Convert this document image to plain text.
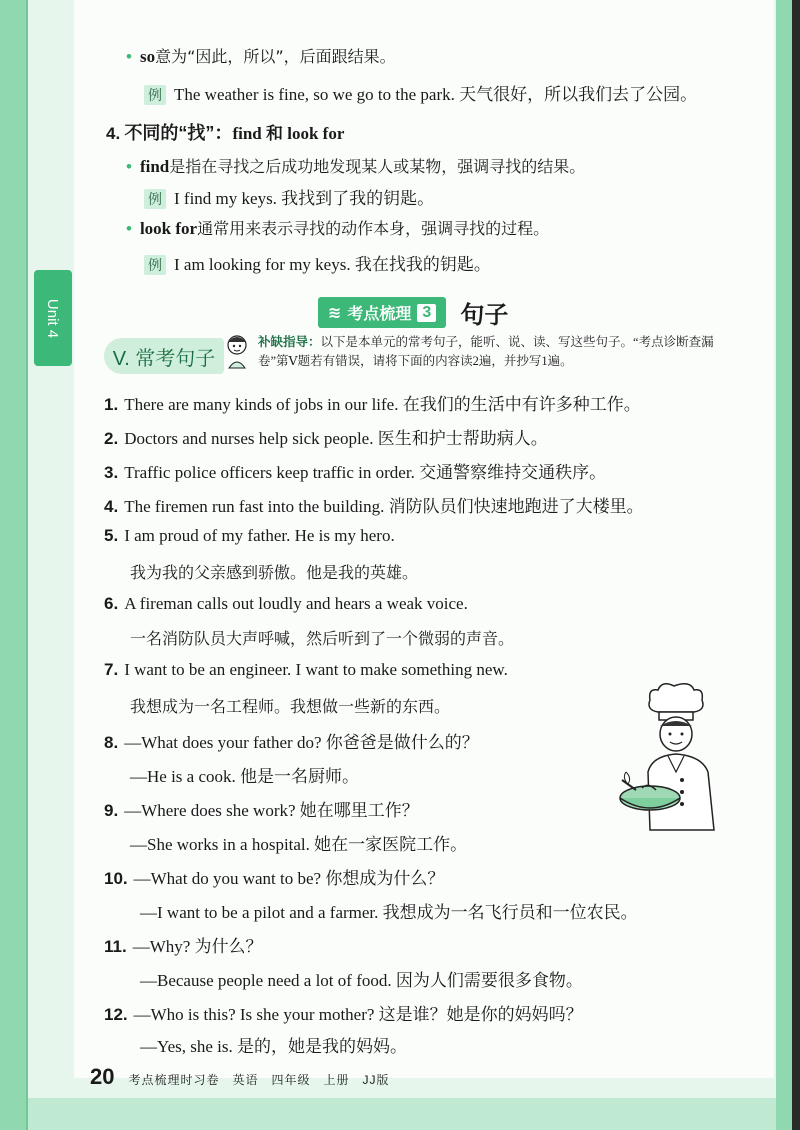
Unit 4
• so意为“因此，所以”，后面跟结果。
例 The weather is fine, so we go to the park. 天气很好，所以我们去了公园。
4. 不同的“找”：find 和 look for
• find是指在寻找之后成功地发现某人或某物，强调寻找的结果。
例 I find my keys. 我找到了我的钥匙。
• look for通常用来表示寻找的动作本身，强调寻找的过程。
例 I am looking for my keys. 我在找我的钥匙。
≋ 考点梳理 3 句子
V. 常考句子
补缺指导：以下是本单元的常考句子，能听、说、读、写这些句子。“考点诊断查漏卷”第Ⅴ题若有错误，请将下面的内容读2遍，并抄写1遍。
1. There are many kinds of jobs in our life. 在我们的生活中有许多种工作。
2. Doctors and nurses help sick people. 医生和护士帮助病人。
3. Traffic police officers keep traffic in order. 交通警察维持交通秩序。
4. The firemen run fast into the building. 消防队员们快速地跑进了大楼里。
5. I am proud of my father. He is my hero.
我为我的父亲感到骄傲。他是我的英雄。
6. A fireman calls out loudly and hears a weak voice.
一名消防队员大声呼喊，然后听到了一个微弱的声音。
7. I want to be an engineer. I want to make something new.
我想成为一名工程师。我想做一些新的东西。
8. —What does your father do? 你爸爸是做什么的？
—He is a cook. 他是一名厨师。
9. —Where does she work? 她在哪里工作？
—She works in a hospital. 她在一家医院工作。
10. —What do you want to be? 你想成为什么？
—I want to be a pilot and a farmer. 我想成为一名飞行员和一位农民。
11. —Why? 为什么？
—Because people need a lot of food. 因为人们需要很多食物。
12. —Who is this? Is she your mother? 这是谁？她是你的妈妈吗？
—Yes, she is. 是的，她是我的妈妈。
20 考点梳理时习卷　英语　四年级　上册　JJ版
